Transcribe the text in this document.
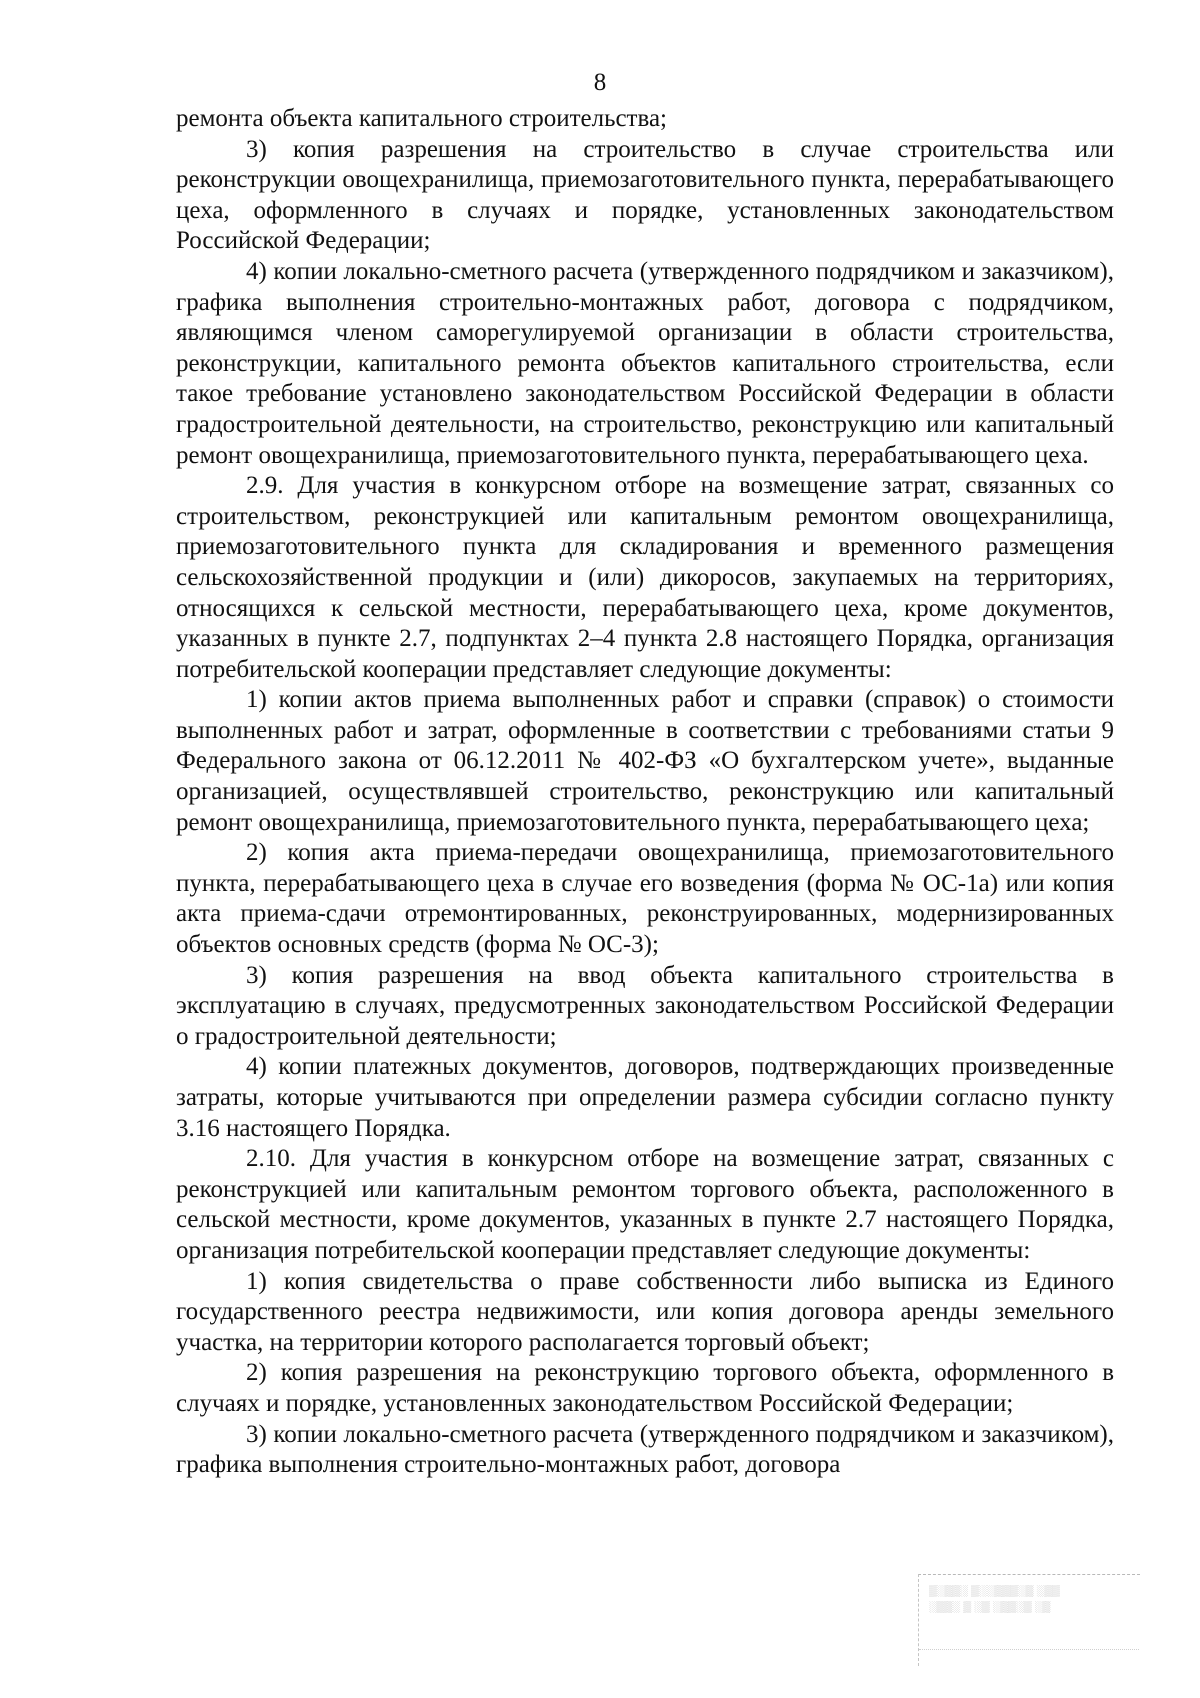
8

ремонта объекта капитального строительства;

3) копия разрешения на строительство в случае строительства или реконструкции овощехранилища, приемозаготовительного пункта, перерабатывающего цеха, оформленного в случаях и порядке, установленных законодательством Российской Федерации;

4) копии локально-сметного расчета (утвержденного подрядчиком и заказчиком), графика выполнения строительно-монтажных работ, договора с подрядчиком, являющимся членом саморегулируемой организации в области строительства, реконструкции, капитального ремонта объектов капитального строительства, если такое требование установлено законодательством Российской Федерации в области градостроительной деятельности, на строительство, реконструкцию или капитальный ремонт овощехранилища, приемозаготовительного пункта, перерабатывающего цеха.

2.9. Для участия в конкурсном отборе на возмещение затрат, связанных со строительством, реконструкцией или капитальным ремонтом овощехранилища, приемозаготовительного пункта для складирования и временного размещения сельскохозяйственной продукции и (или) дикоросов, закупаемых на территориях, относящихся к сельской местности, перерабатывающего цеха, кроме документов, указанных в пункте 2.7, подпунктах 2–4 пункта 2.8 настоящего Порядка, организация потребительской кооперации представляет следующие документы:

1) копии актов приема выполненных работ и справки (справок) о стоимости выполненных работ и затрат, оформленные в соответствии с требованиями статьи 9 Федерального закона от 06.12.2011 № 402-ФЗ «О бухгалтерском учете», выданные организацией, осуществлявшей строительство, реконструкцию или капитальный ремонт овощехранилища, приемозаготовительного пункта, перерабатывающего цеха;

2) копия акта приема-передачи овощехранилища, приемозаготовительного пункта, перерабатывающего цеха в случае его возведения (форма № ОС-1а) или копия акта приема-сдачи отремонтированных, реконструированных, модернизированных объектов основных средств (форма № ОС-3);

3) копия разрешения на ввод объекта капитального строительства в эксплуатацию в случаях, предусмотренных законодательством Российской Федерации о градостроительной деятельности;

4) копии платежных документов, договоров, подтверждающих произведенные затраты, которые учитываются при определении размера субсидии согласно пункту 3.16 настоящего Порядка.

2.10. Для участия в конкурсном отборе на возмещение затрат, связанных с реконструкцией или капитальным ремонтом торгового объекта, расположенного в сельской местности, кроме документов, указанных в пункте 2.7 настоящего Порядка, организация потребительской кооперации представляет следующие документы:

1) копия свидетельства о праве собственности либо выписка из Единого государственного реестра недвижимости, или копия договора аренды земельного участка, на территории которого располагается торговый объект;

2) копия разрешения на реконструкцию торгового объекта, оформленного в случаях и порядке, установленных законодательством Российской Федерации;

3) копии локально-сметного расчета (утвержденного подрядчиком и заказчиком), графика выполнения строительно-монтажных работ, договора

▒░▒▒░ ▒░░▒▒▒░▒ ░▒▒
░▒▒░ ▒ ░▒ ░▒▒░▒ ░▒
